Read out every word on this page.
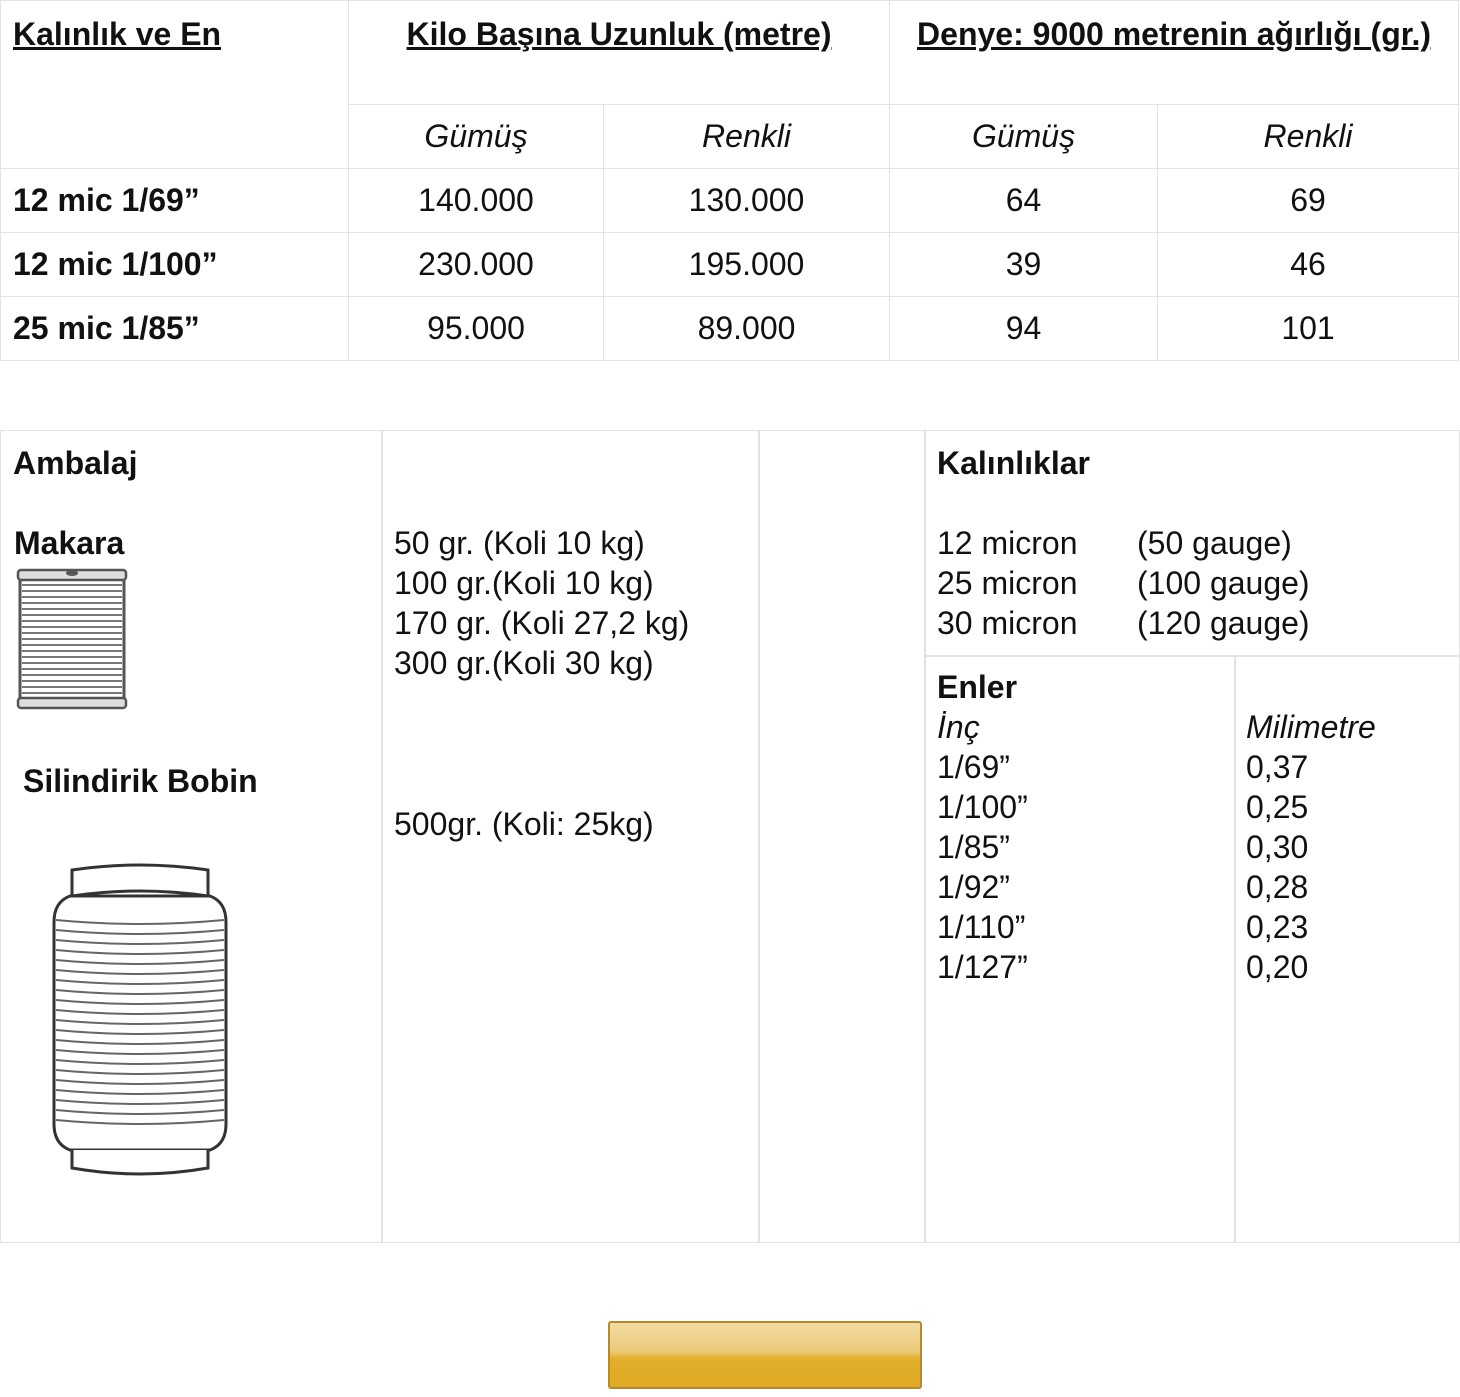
Kalınlık ve En	Kilo Başına Uzunluk (metre)		Denye: 9000 metrenin ağırlığı (gr.)	
	Gümüş	Renkli	Gümüş	Renkli
12 mic 1/69”	140.000	130.000	64	69
12 mic 1/100”	230.000	195.000	39	46
25 mic 1/85”	95.000	89.000	94	101
Ambalaj
Makara
Silindirik Bobin
50 gr. (Koli 10 kg)
100 gr.(Koli 10 kg)
170 gr. (Koli 27,2 kg)
300 gr.(Koli 30 kg)
500gr. (Koli: 25kg)
Kalınlıklar
12 micron (50 gauge)
25 micron (100 gauge)
30 micron (120 gauge)
Enler
İnç	Milimetre
1/69”	0,37
1/100”	0,25
1/85”	0,30
1/92”	0,28
1/110”	0,23
1/127”	0,20
